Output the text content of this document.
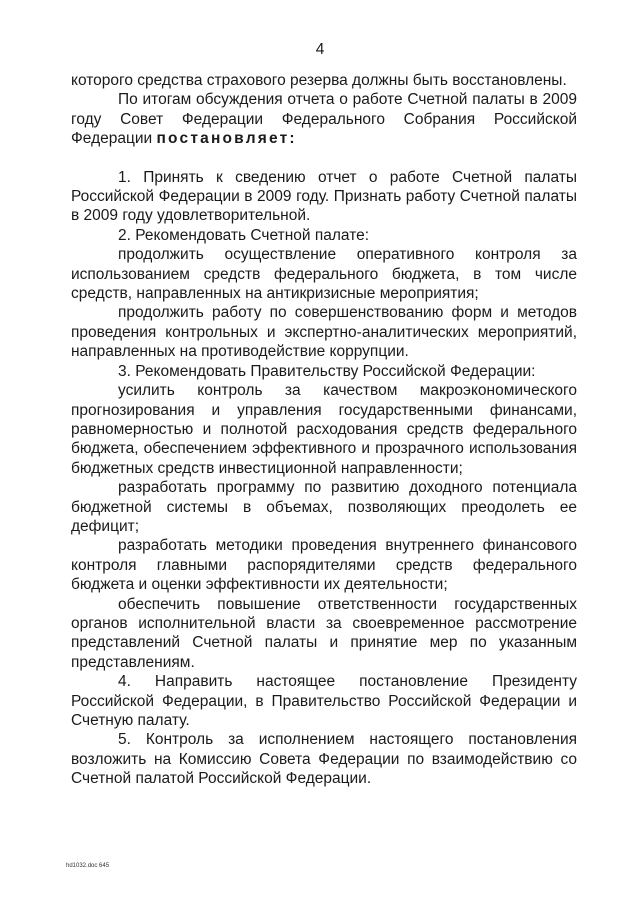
4

которого средства страхового резерва должны быть восстановлены.

По итогам обсуждения отчета о работе Счетной палаты в 2009 году Совет Федерации Федерального Собрания Российской Федерации постановляет:

1. Принять к сведению отчет о работе Счетной палаты Российской Федерации в 2009 году. Признать работу Счетной палаты в 2009 году удовлетворительной.

2. Рекомендовать Счетной палате:

продолжить осуществление оперативного контроля за использованием средств федерального бюджета, в том числе средств, направленных на антикризисные мероприятия;

продолжить работу по совершенствованию форм и методов проведения контрольных и экспертно-аналитических мероприятий, направленных на противодействие коррупции.

3. Рекомендовать Правительству Российской Федерации:

усилить контроль за качеством макроэкономического прогнозирования и управления государственными финансами, равномерностью и полнотой расходования средств федерального бюджета, обеспечением эффективного и прозрачного использования бюджетных средств инвестиционной направленности;

разработать программу по развитию доходного потенциала бюджетной системы в объемах, позволяющих преодолеть ее дефицит;

разработать методики проведения внутреннего финансового контроля главными распорядителями средств федерального бюджета и оценки эффективности их деятельности;

обеспечить повышение ответственности государственных органов исполнительной власти за своевременное рассмотрение представлений Счетной палаты и принятие мер по указанным представлениям.

4. Направить настоящее постановление Президенту Российской Федерации, в Правительство Российской Федерации и Счетную палату.

5. Контроль за исполнением настоящего постановления возложить на Комиссию Совета Федерации по взаимодействию со Счетной палатой Российской Федерации.

hd1032.doc 645
